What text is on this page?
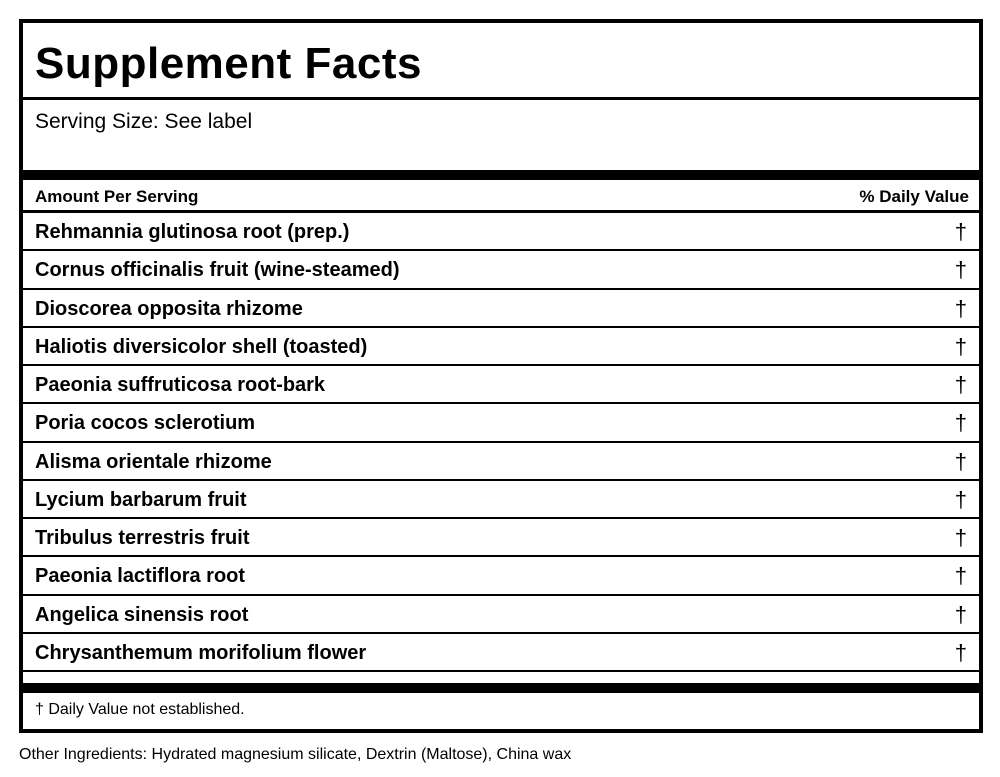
Supplement Facts
Serving Size: See label
Amount Per Serving	% Daily Value
Rehmannia glutinosa root (prep.)	†
Cornus officinalis fruit (wine-steamed)	†
Dioscorea opposita rhizome	†
Haliotis diversicolor shell (toasted)	†
Paeonia suffruticosa root-bark	†
Poria cocos sclerotium	†
Alisma orientale rhizome	†
Lycium barbarum fruit	†
Tribulus terrestris fruit	†
Paeonia lactiflora root	†
Angelica sinensis root	†
Chrysanthemum morifolium flower	†
† Daily Value not established.
Other Ingredients: Hydrated magnesium silicate, Dextrin (Maltose), China wax
